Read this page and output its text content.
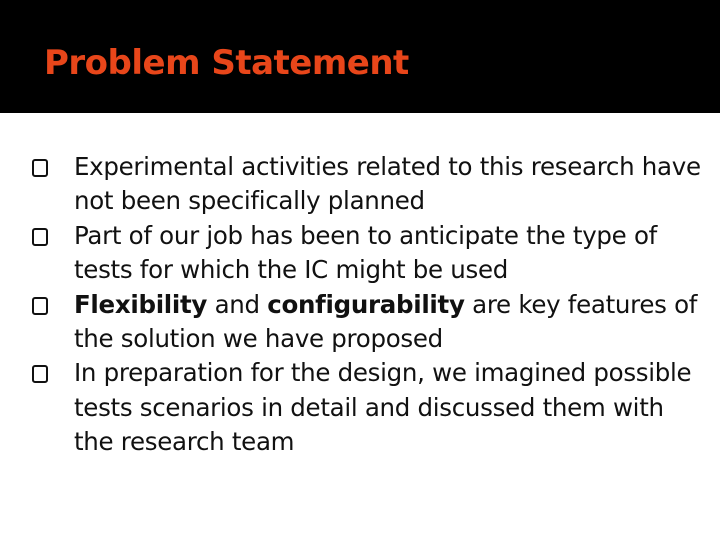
Problem Statement
Experimental activities related to this research have not been specifically planned
Part of our job has been to anticipate the type of tests for which the IC might be used
Flexibility and configurability are key features of the solution we have proposed
In preparation for the design, we imagined possible tests scenarios in detail and discussed them with the research team
